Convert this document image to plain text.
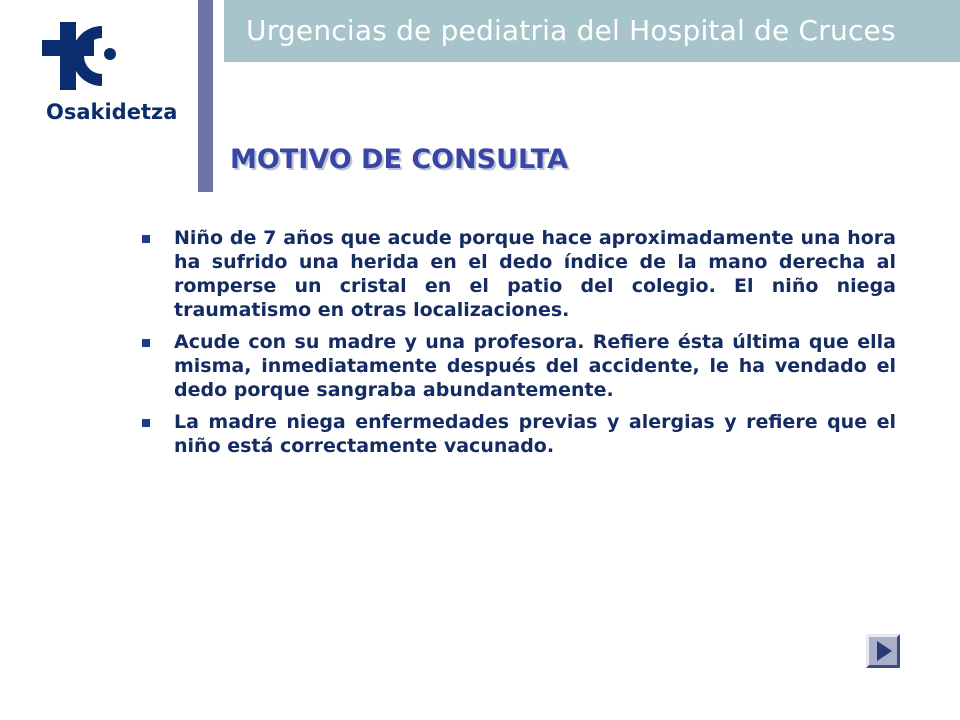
Osakidetza
Urgencias de pediatria del Hospital de Cruces
MOTIVO DE CONSULTA
Niño de 7 años que acude porque hace aproximadamente una hora ha sufrido una herida en el dedo índice de la mano derecha al romperse un cristal en el patio del colegio. El niño niega traumatismo en otras localizaciones.
Acude con su madre y una profesora. Refiere ésta última que ella misma, inmediatamente después del accidente, le ha vendado el dedo porque sangraba abundantemente.
La madre niega enfermedades previas y alergias y refiere que el niño está correctamente vacunado.
